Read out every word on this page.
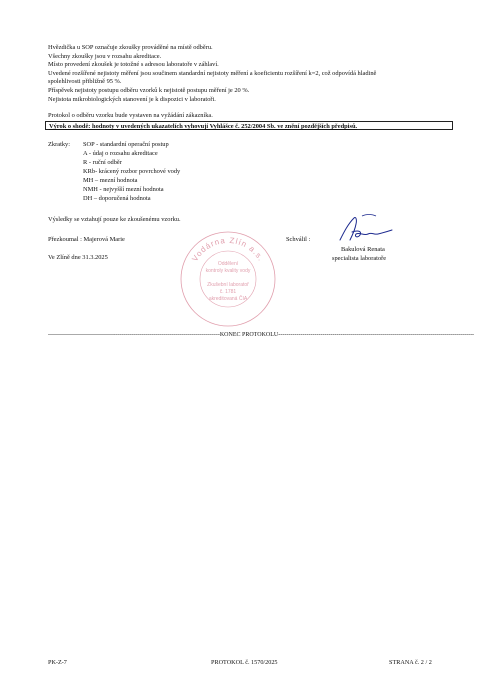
Hvězdička u SOP označuje zkoušky prováděné na místě odběru.
Všechny zkoušky jsou v rozsahu akreditace.
Místo provedení zkoušek je totožné s adresou laboratoře v záhlaví.
Uvedené rozšířené nejistoty měření jsou součinem standardní nejistoty měření a koeficientu rozšíření k=2, což odpovídá hladině
spolehlivosti přibližně 95 %.
Příspěvek nejistoty postupu odběru vzorků k nejistotě postupu měření je 20 %.
Nejistota mikrobiologických stanovení je k dispozici v laboratoři.
Protokol o odběru vzorku bude vystaven na vyžádání zákazníka.
Výrok o shodě: hodnoty v uvedených ukazatelích vyhovují Vyhlášce č. 252/2004 Sb. ve znění pozdějších předpisů.
Zkratky: SOP - standardní operační postup
A - údaj o rozsahu akreditace
R - ruční odběr
KRb- krácený rozbor povrchové vody
MH – mezní hodnota
NMH - nejvyšší mezní hodnota
DH – doporučená hodnota
Výsledky se vztahují pouze ke zkoušenému vzorku.
Přezkoumal : Majerová Marie	Schválil :
Bakulová Renata
specialista laboratoře
Ve Zlíně dne 31.3.2025	Vodárna Zlín a.s.
Oddělení
kontroly kvality vody
Zkušební laboratoř
č. 1781
akreditovaná ČIA
--------------------------------------------------------------------------------------KONEC PROTOKOLU--------------------------------------------------------------------------------------------------
PK-Z-7	PROTOKOL č. 1570/2025	STRANA č. 2 / 2
